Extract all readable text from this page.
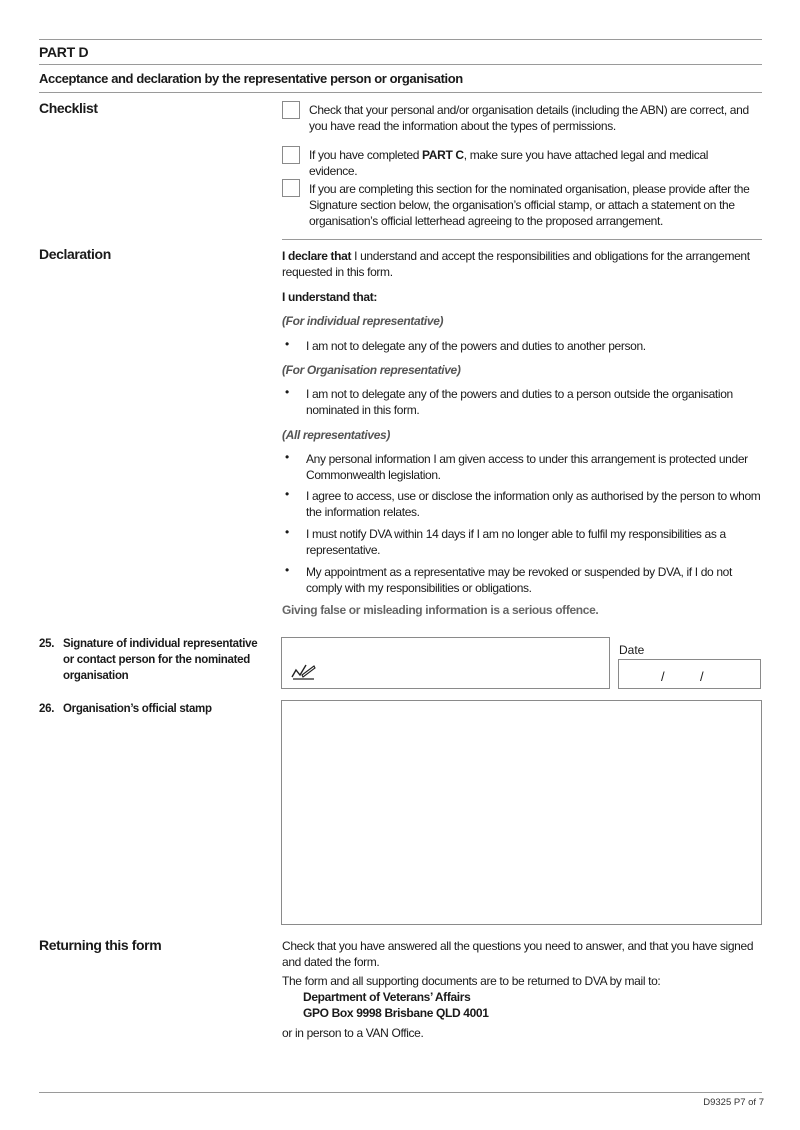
PART D
Acceptance and declaration by the representative person or organisation
Checklist	Check that your personal and/or organisation details (including the ABN) are correct, and you have read the information about the types of permissions.
If you have completed PART C, make sure you have attached legal and medical evidence.
If you are completing this section for the nominated organisation, please provide after the Signature section below, the organisation’s official stamp, or attach a statement on the organisation’s official letterhead agreeing to the proposed arrangement.
Declaration	I declare that I understand and accept the responsibilities and obligations for the arrangement requested in this form.
I understand that:
(For individual representative)
• I am not to delegate any of the powers and duties to another person.
(For Organisation representative)
• I am not to delegate any of the powers and duties to a person outside the organisation nominated in this form.
(All representatives)
• Any personal information I am given access to under this arrangement is protected under Commonwealth legislation.
• I agree to access, use or disclose the information only as authorised by the person to whom the information relates.
• I must notify DVA within 14 days if I am no longer able to fulfil my responsibilities as a representative.
• My appointment as a representative may be revoked or suspended by DVA, if I do not comply with my responsibilities or obligations.
Giving false or misleading information is a serious offence.
25. Signature of individual representative or contact person for the nominated organisation
Date
/	/
26. Organisation’s official stamp
Returning this form	Check that you have answered all the questions you need to answer, and that you have signed and dated the form.
The form and all supporting documents are to be returned to DVA by mail to:
Department of Veterans’ Affairs
GPO Box 9998 Brisbane QLD 4001
or in person to a VAN Office.
D9325 P7 of 7
